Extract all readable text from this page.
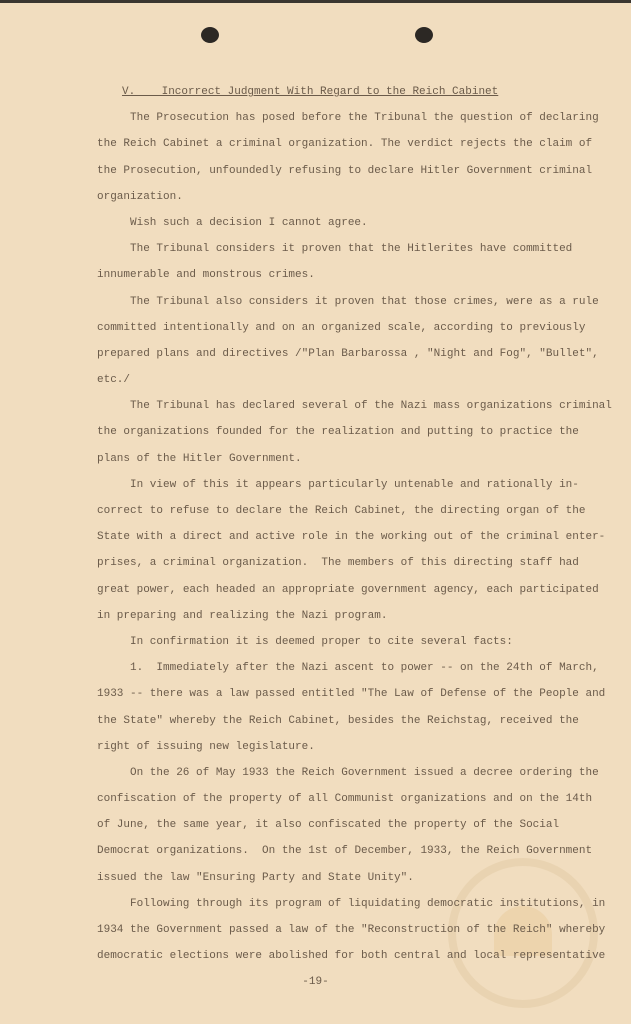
V.    Incorrect Judgment With Regard to the Reich Cabinet
The Prosecution has posed before the Tribunal the question of declaring
the Reich Cabinet a criminal organization. The verdict rejects the claim of
the Prosecution, unfoundedly refusing to declare Hitler Government criminal
organization.
Wish such a decision I cannot agree.
The Tribunal considers it proven that the Hitlerites have committed
innumerable and monstrous crimes.
The Tribunal also considers it proven that those crimes, were as a rule
committed intentionally and on an organized scale, according to previously
prepared plans and directives /"Plan Barbarossa , "Night and Fog", "Bullet",
etc./
The Tribunal has declared several of the Nazi mass organizations criminal
the organizations founded for the realization and putting to practice the
plans of the Hitler Government.
In view of this it appears particularly untenable and rationally in-
correct to refuse to declare the Reich Cabinet, the directing organ of the
State with a direct and active role in the working out of the criminal enter-
prises, a criminal organization.  The members of this directing staff had
great power, each headed an appropriate government agency, each participated
in preparing and realizing the Nazi program.
In confirmation it is deemed proper to cite several facts:
1.  Immediately after the Nazi ascent to power -- on the 24th of March,
1933 -- there was a law passed entitled "The Law of Defense of the People and
the State" whereby the Reich Cabinet, besides the Reichstag, received the
right of issuing new legislature.
On the 26 of May 1933 the Reich Government issued a decree ordering the
confiscation of the property of all Communist organizations and on the 14th
of June, the same year, it also confiscated the property of the Social
Democrat organizations.  On the 1st of December, 1933, the Reich Government
issued the law "Ensuring Party and State Unity".
Following through its program of liquidating democratic institutions, in
1934 the Government passed a law of the "Reconstruction of the Reich" whereby
democratic elections were abolished for both central and local representative
-19-
